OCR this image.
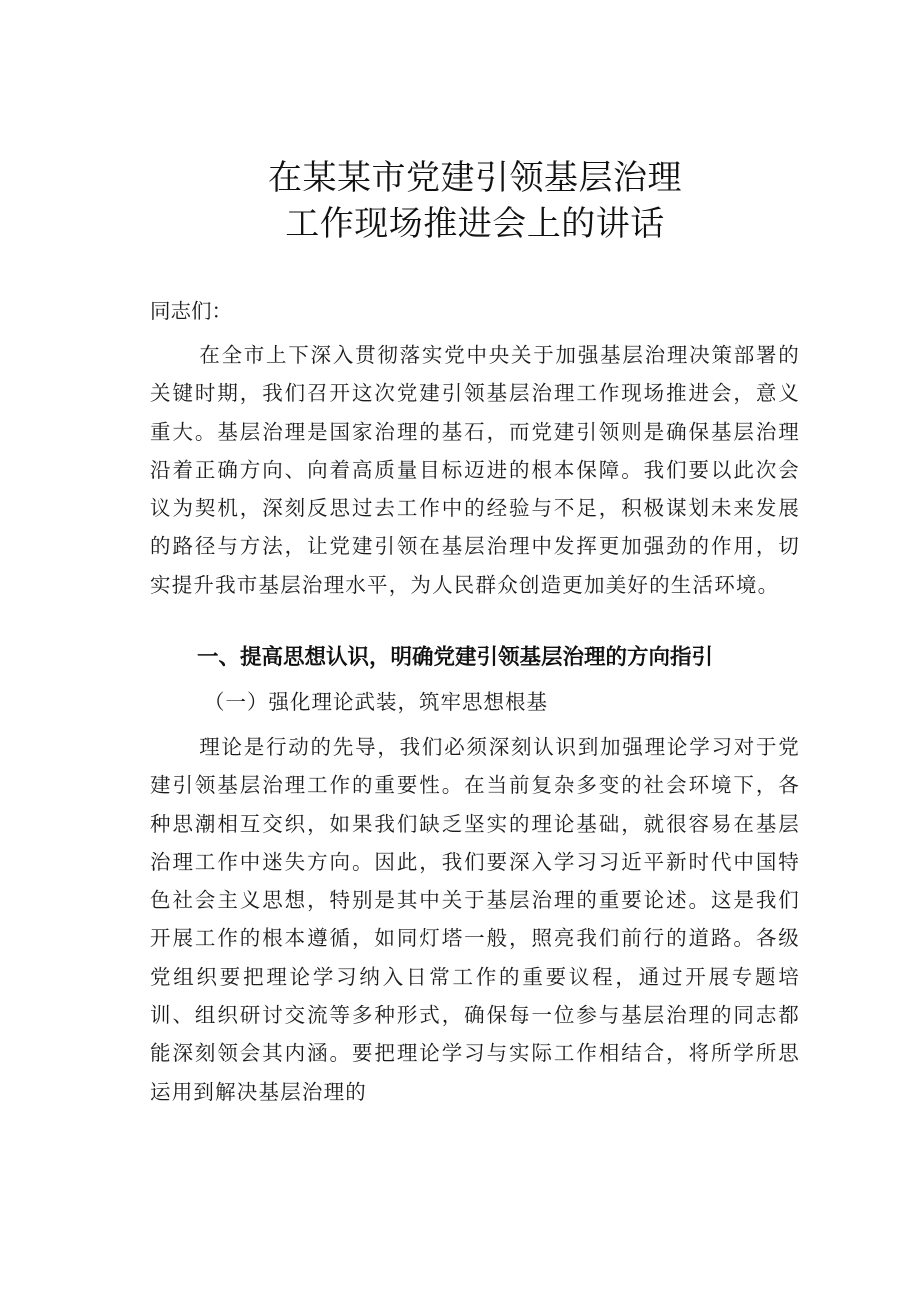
在某某市党建引领基层治理
工作现场推进会上的讲话
同志们：

在全市上下深入贯彻落实党中央关于加强基层治理决策部署的关键时期，我们召开这次党建引领基层治理工作现场推进会，意义重大。基层治理是国家治理的基石，而党建引领则是确保基层治理沿着正确方向、向着高质量目标迈进的根本保障。我们要以此次会议为契机，深刻反思过去工作中的经验与不足，积极谋划未来发展的路径与方法，让党建引领在基层治理中发挥更加强劲的作用，切实提升我市基层治理水平，为人民群众创造更加美好的生活环境。

一、提高思想认识，明确党建引领基层治理的方向指引
（一）强化理论武装，筑牢思想根基

理论是行动的先导，我们必须深刻认识到加强理论学习对于党建引领基层治理工作的重要性。在当前复杂多变的社会环境下，各种思潮相互交织，如果我们缺乏坚实的理论基础，就很容易在基层治理工作中迷失方向。因此，我们要深入学习习近平新时代中国特色社会主义思想，特别是其中关于基层治理的重要论述。这是我们开展工作的根本遵循，如同灯塔一般，照亮我们前行的道路。各级党组织要把理论学习纳入日常工作的重要议程，通过开展专题培训、组织研讨交流等多种形式，确保每一位参与基层治理的同志都能深刻领会其内涵。要把理论学习与实际工作相结合，将所学所思运用到解决基层治理的
